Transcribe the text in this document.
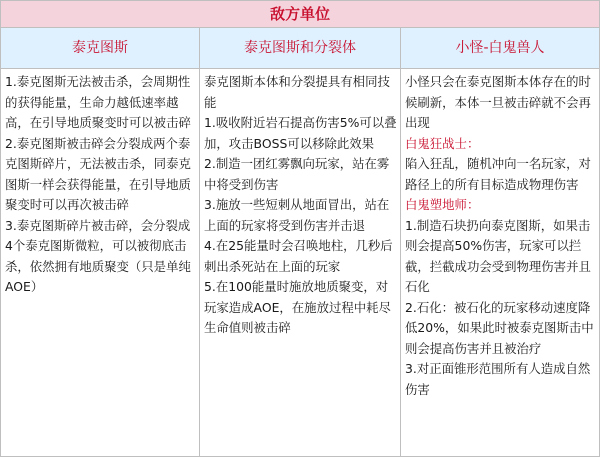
敌方单位
泰克图斯	泰克图斯和分裂体	小怪-白鬼兽人

1.泰克图斯无法被击杀，会周期性的获得能量，生命力越低速率越高，在引导地质聚变时可以被击碎

2.泰克图斯被击碎会分裂成两个泰克图斯碎片，无法被击杀，同泰克图斯一样会获得能量，在引导地质聚变时可以再次被击碎

3.泰克图斯碎片被击碎，会分裂成4个泰克图斯微粒，可以被彻底击杀，依然拥有地质聚变（只是单纯AOE）

泰克图斯本体和分裂提具有相同技能

1.吸收附近岩石提高伤害5%可以叠加，攻击BOSS可以移除此效果

2.制造一团红雾飘向玩家，站在雾中将受到伤害

3.施放一些短刺从地面冒出，站在上面的玩家将受到伤害并击退

4.在25能量时会召唤地柱，几秒后刺出杀死站在上面的玩家

5.在100能量时施放地质聚变，对玩家造成AOE，在施放过程中耗尽生命值则被击碎

小怪只会在泰克图斯本体存在的时候刷新，本体一旦被击碎就不会再出现

白鬼狂战士：

陷入狂乱，随机冲向一名玩家，对路径上的所有目标造成物理伤害

白鬼塑地师：

1.制造石块扔向泰克图斯，如果击则会提高50%伤害，玩家可以拦截，拦截成功会受到物理伤害并且石化

2.石化：被石化的玩家移动速度降低20%，如果此时被泰克图斯击中则会提高伤害并且被治疗

3.对正面锥形范围所有人造成自然伤害
